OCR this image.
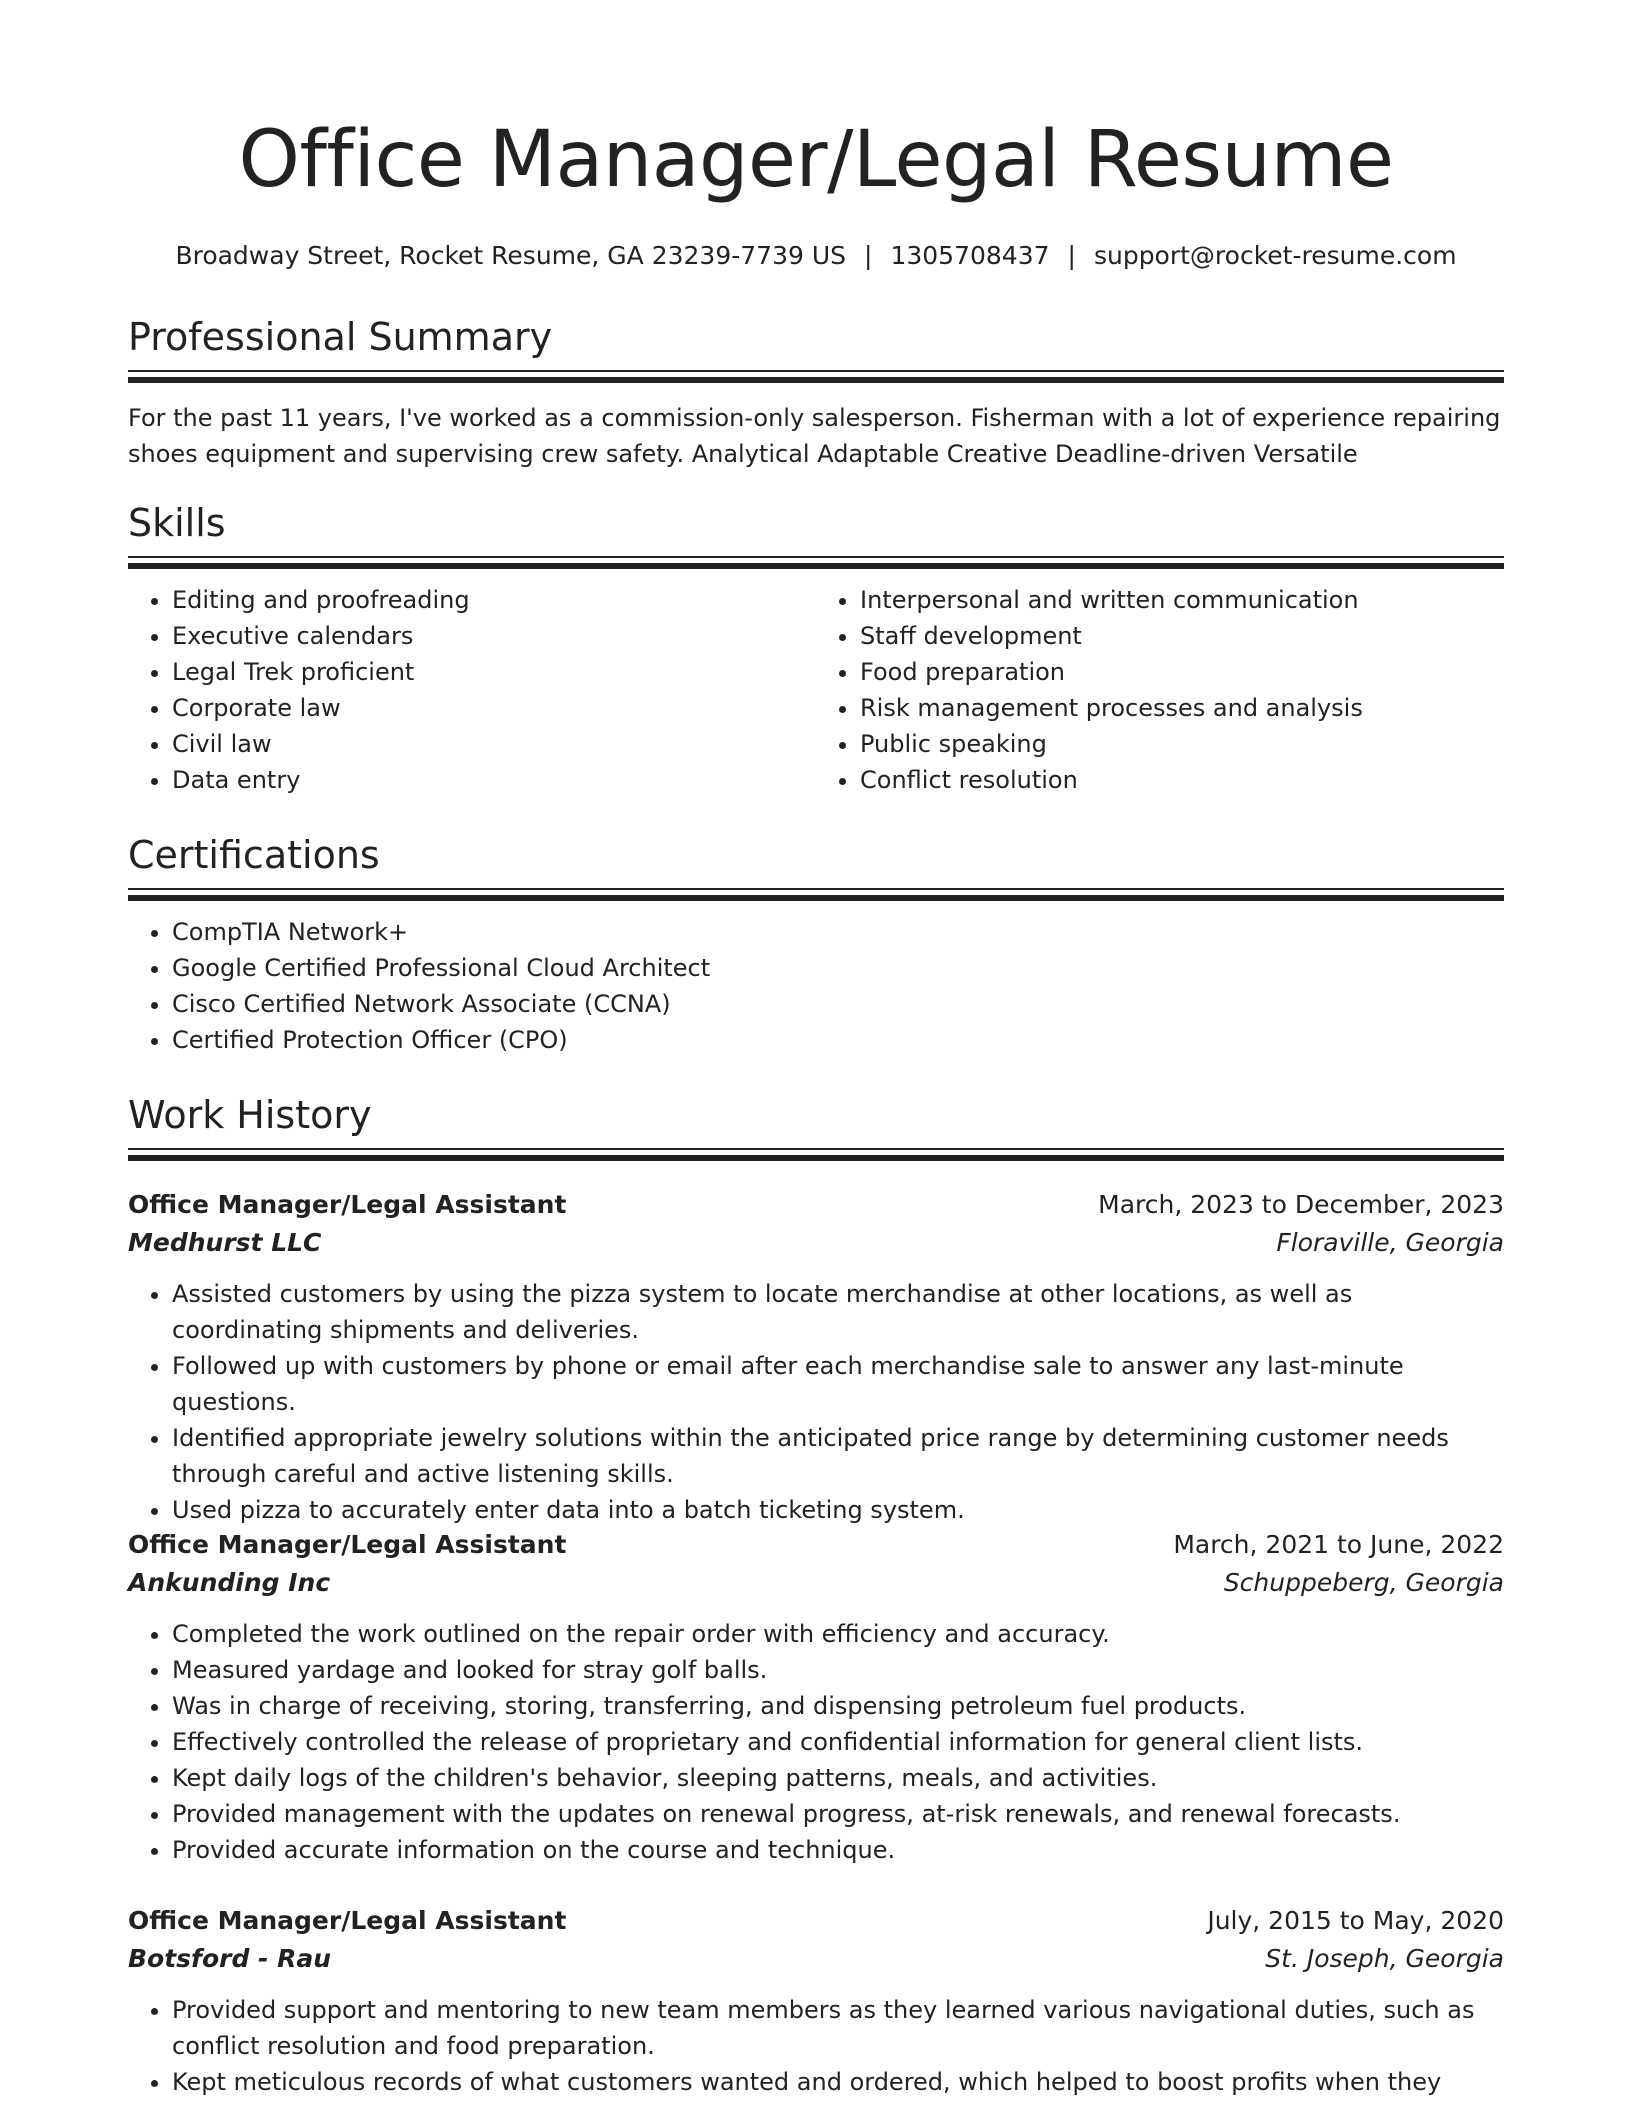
Office Manager/Legal Resume
Broadway Street, Rocket Resume, GA 23239-7739 US | 1305708437 | support@rocket-resume.com
Professional Summary

For the past 11 years, I've worked as a commission-only salesperson. Fisherman with a lot of experience repairing shoes equipment and supervising crew safety. Analytical Adaptable Creative Deadline-driven Versatile

Skills
• Editing and proofreading
• Executive calendars
• Legal Trek proficient
• Corporate law
• Civil law
• Data entry
• Interpersonal and written communication
• Staff development
• Food preparation
• Risk management processes and analysis
• Public speaking
• Conflict resolution
Certifications
• CompTIA Network+
• Google Certified Professional Cloud Architect
• Cisco Certified Network Associate (CCNA)
• Certified Protection Officer (CPO)
Work History
Office Manager/Legal Assistant	March, 2023 to December, 2023
Medhurst LLC	Floraville, Georgia
• Assisted customers by using the pizza system to locate merchandise at other locations, as well as coordinating shipments and deliveries.
• Followed up with customers by phone or email after each merchandise sale to answer any last-minute questions.
• Identified appropriate jewelry solutions within the anticipated price range by determining customer needs through careful and active listening skills.
• Used pizza to accurately enter data into a batch ticketing system.
Office Manager/Legal Assistant	March, 2021 to June, 2022
Ankunding Inc	Schuppeberg, Georgia
• Completed the work outlined on the repair order with efficiency and accuracy.
• Measured yardage and looked for stray golf balls.
• Was in charge of receiving, storing, transferring, and dispensing petroleum fuel products.
• Effectively controlled the release of proprietary and confidential information for general client lists.
• Kept daily logs of the children's behavior, sleeping patterns, meals, and activities.
• Provided management with the updates on renewal progress, at-risk renewals, and renewal forecasts.
• Provided accurate information on the course and technique.
Office Manager/Legal Assistant	July, 2015 to May, 2020
Botsford - Rau	St. Joseph, Georgia
• Provided support and mentoring to new team members as they learned various navigational duties, such as conflict resolution and food preparation.
• Kept meticulous records of what customers wanted and ordered, which helped to boost profits when they
